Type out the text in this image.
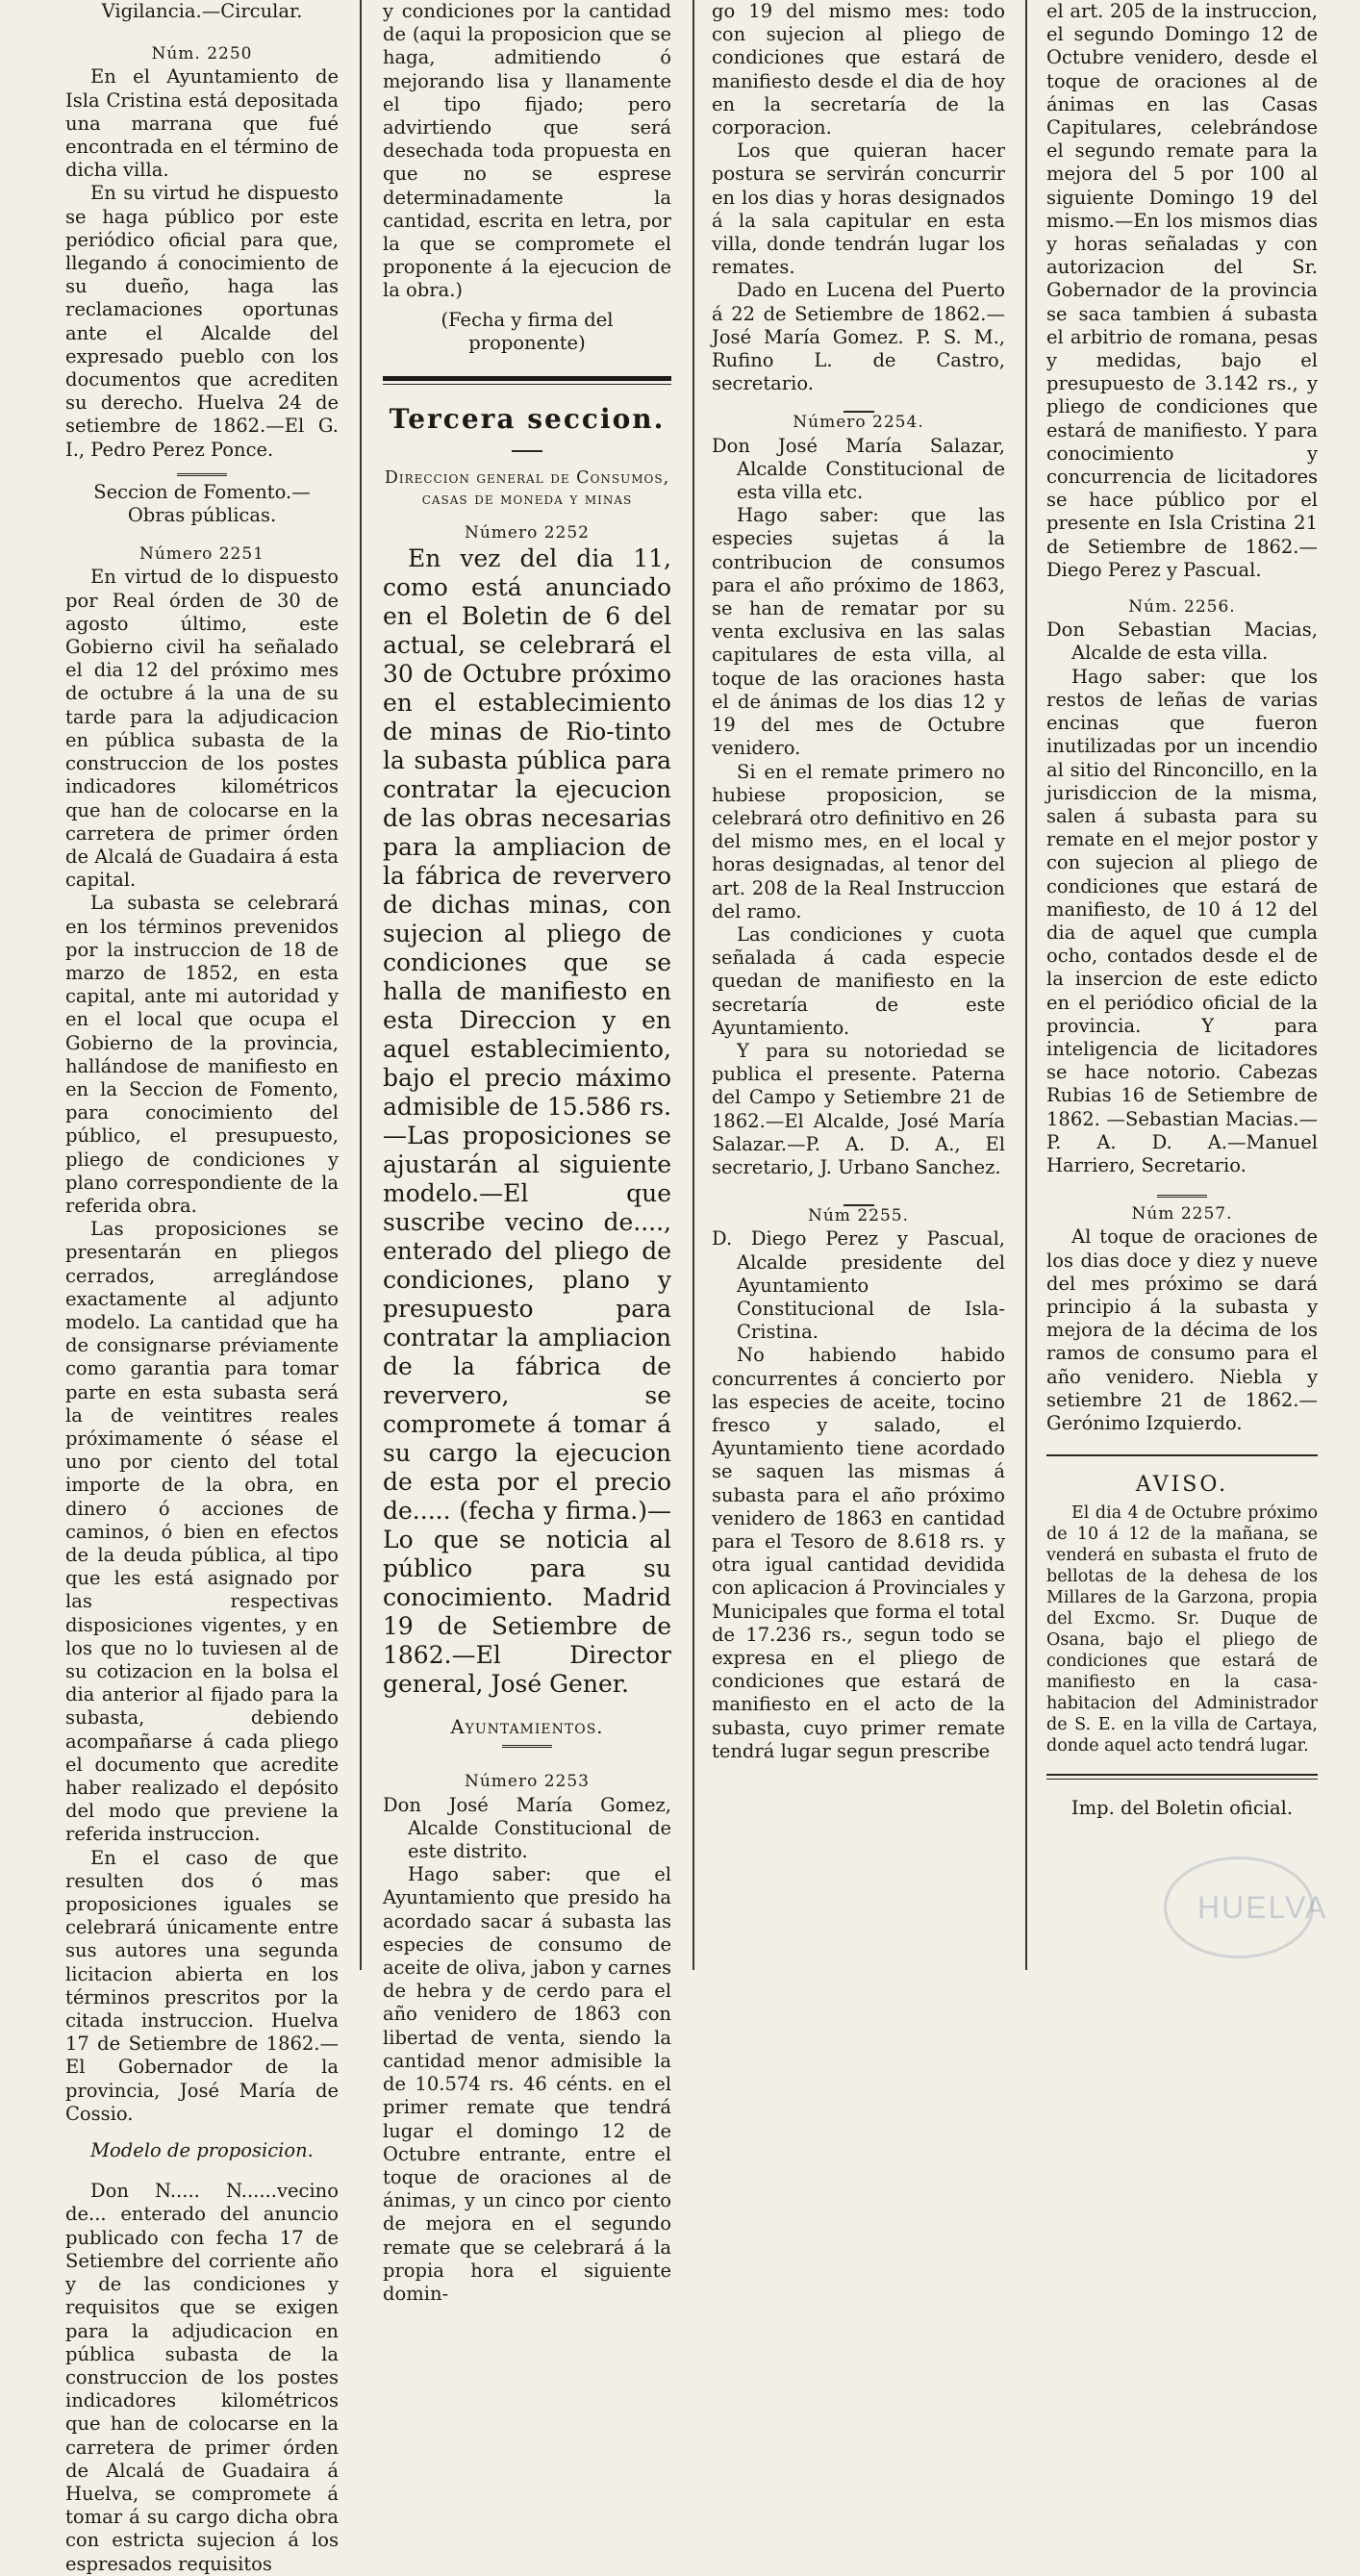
Vigilancia.—Circular.

Núm. 2250

En el Ayuntamiento de Isla Cristina está depositada una marrana que fué encontrada en el término de dicha villa.

En su virtud he dispuesto se haga público por este periódico oficial para que, llegando á conocimiento de su dueño, haga las reclamaciones oportunas ante el Alcalde del expresado pueblo con los documentos que acrediten su derecho. Huelva 24 de setiembre de 1862.—El G. I., Pedro Perez Ponce.

Seccion de Fomento.—Obras públicas.

Número 2251

En virtud de lo dispuesto por Real órden de 30 de agosto último, este Gobierno civil ha señalado el dia 12 del próximo mes de octubre á la una de su tarde para la adjudicacion en pública subasta de la construccion de los postes indicadores kilométricos que han de colocarse en la carretera de primer órden de Alcalá de Guadaira á esta capital.

La subasta se celebrará en los términos prevenidos por la instruccion de 18 de marzo de 1852, en esta capital, ante mi autoridad y en el local que ocupa el Gobierno de la provincia, hallándose de manifiesto en en la Seccion de Fomento, para conocimiento del público, el presupuesto, pliego de condiciones y plano correspondiente de la referida obra.

Las proposiciones se presentarán en pliegos cerrados, arreglándose exactamente al adjunto modelo. La cantidad que ha de consignarse préviamente como garantia para tomar parte en esta subasta será la de veintitres reales próximamente ó séase el uno por ciento del total importe de la obra, en dinero ó acciones de caminos, ó bien en efectos de la deuda pública, al tipo que les está asignado por las respectivas disposiciones vigentes, y en los que no lo tuviesen al de su cotizacion en la bolsa el dia anterior al fijado para la subasta, debiendo acompañarse á cada pliego el documento que acredite haber realizado el depósito del modo que previene la referida instruccion.

En el caso de que resulten dos ó mas proposiciones iguales se celebrará únicamente entre sus autores una segunda licitacion abierta en los términos prescritos por la citada instruccion. Huelva 17 de Setiembre de 1862.—El Gobernador de la provincia, José María de Cossio.

Modelo de proposicion.

Don N..... N......vecino de... enterado del anuncio publicado con fecha 17 de Setiembre del corriente año y de las condiciones y requisitos que se exigen para la adjudicacion en pública subasta de la construccion de los postes indicadores kilométricos que han de colocarse en la carretera de primer órden de Alcalá de Guadaira á Huelva, se compromete á tomar á su cargo dicha obra con estricta sujecion á los espresados requisitos

y condiciones por la cantidad de (aqui la proposicion que se haga, admitiendo ó mejorando lisa y llanamente el tipo fijado; pero advirtiendo que será desechada toda propuesta en que no se esprese determinadamente la cantidad, escrita en letra, por la que se compromete el proponente á la ejecucion de la obra.)

(Fecha y firma del proponente)

Tercera seccion.

Direccion general de Consumos, casas de moneda y minas

Número 2252

En vez del dia 11, como está anunciado en el Boletin de 6 del actual, se celebrará el 30 de Octubre próximo en el establecimiento de minas de Rio-tinto la subasta pública para contratar la ejecucion de las obras necesarias para la ampliacion de la fábrica de reververo de dichas minas, con sujecion al pliego de condiciones que se halla de manifiesto en esta Direccion y en aquel establecimiento, bajo el precio máximo admisible de 15.586 rs.—Las proposiciones se ajustarán al siguiente modelo.—El que suscribe vecino de...., enterado del pliego de condiciones, plano y presupuesto para contratar la ampliacion de la fábrica de reververo, se compromete á tomar á su cargo la ejecucion de esta por el precio de..... (fecha y firma.)—Lo que se noticia al público para su conocimiento. Madrid 19 de Setiembre de 1862.—El Director general, José Gener.

Ayuntamientos.

Número 2253

Don José María Gomez, Alcalde Constitucional de este distrito.

Hago saber: que el Ayuntamiento que presido ha acordado sacar á subasta las especies de consumo de aceite de oliva, jabon y carnes de hebra y de cerdo para el año venidero de 1863 con libertad de venta, siendo la cantidad menor admisible la de 10.574 rs. 46 cénts. en el primer remate que tendrá lugar el domingo 12 de Octubre entrante, entre el toque de oraciones al de ánimas, y un cinco por ciento de mejora en el segundo remate que se celebrará á la propia hora el siguiente domin-

go 19 del mismo mes: todo con sujecion al pliego de condiciones que estará de manifiesto desde el dia de hoy en la secretaría de la corporacion.

Los que quieran hacer postura se servirán concurrir en los dias y horas designados á la sala capitular en esta villa, donde tendrán lugar los remates.

Dado en Lucena del Puerto á 22 de Setiembre de 1862.—José María Gomez. P. S. M., Rufino L. de Castro, secretario.

Número 2254.

Don José María Salazar, Alcalde Constitucional de esta villa etc.

Hago saber: que las especies sujetas á la contribucion de consumos para el año próximo de 1863, se han de rematar por su venta exclusiva en las salas capitulares de esta villa, al toque de las oraciones hasta el de ánimas de los dias 12 y 19 del mes de Octubre venidero.

Si en el remate primero no hubiese proposicion, se celebrará otro definitivo en 26 del mismo mes, en el local y horas designadas, al tenor del art. 208 de la Real Instruccion del ramo.

Las condiciones y cuota señalada á cada especie quedan de manifiesto en la secretaría de este Ayuntamiento.

Y para su notoriedad se publica el presente. Paterna del Campo y Setiembre 21 de 1862.—El Alcalde, José María Salazar.—P. A. D. A., El secretario, J. Urbano Sanchez.

Núm 2255.

D. Diego Perez y Pascual, Alcalde presidente del Ayuntamiento Constitucional de Isla-Cristina.

No habiendo habido concurrentes á concierto por las especies de aceite, tocino fresco y salado, el Ayuntamiento tiene acordado se saquen las mismas á subasta para el año próximo venidero de 1863 en cantidad para el Tesoro de 8.618 rs. y otra igual cantidad devidida con aplicacion á Provinciales y Municipales que forma el total de 17.236 rs., segun todo se expresa en el pliego de condiciones que estará de manifiesto en el acto de la subasta, cuyo primer remate tendrá lugar segun prescribe

el art. 205 de la instruccion, el segundo Domingo 12 de Octubre venidero, desde el toque de oraciones al de ánimas en las Casas Capitulares, celebrándose el segundo remate para la mejora del 5 por 100 al siguiente Domingo 19 del mismo.—En los mismos dias y horas señaladas y con autorizacion del Sr. Gobernador de la provincia se saca tambien á subasta el arbitrio de romana, pesas y medidas, bajo el presupuesto de 3.142 rs., y pliego de condiciones que estará de manifiesto. Y para conocimiento y concurrencia de licitadores se hace público por el presente en Isla Cristina 21 de Setiembre de 1862.—Diego Perez y Pascual.

Núm. 2256.

Don Sebastian Macias, Alcalde de esta villa.

Hago saber: que los restos de leñas de varias encinas que fueron inutilizadas por un incendio al sitio del Rinconcillo, en la jurisdiccion de la misma, salen á subasta para su remate en el mejor postor y con sujecion al pliego de condiciones que estará de manifiesto, de 10 á 12 del dia de aquel que cumpla ocho, contados desde el de la insercion de este edicto en el periódico oficial de la provincia. Y para inteligencia de licitadores se hace notorio. Cabezas Rubias 16 de Setiembre de 1862. —Sebastian Macias.—P. A. D. A.—Manuel Harriero, Secretario.

Núm 2257.

Al toque de oraciones de los dias doce y diez y nueve del mes próximo se dará principio á la subasta y mejora de la décima de los ramos de consumo para el año venidero. Niebla y setiembre 21 de 1862.—Gerónimo Izquierdo.

AVISO.

El dia 4 de Octubre próximo de 10 á 12 de la mañana, se venderá en subasta el fruto de bellotas de la dehesa de los Millares de la Garzona, propia del Excmo. Sr. Duque de Osana, bajo el pliego de condiciones que estará de manifiesto en la casa-habitacion del Administrador de S. E. en la villa de Cartaya, donde aquel acto tendrá lugar.

Imp. del Boletin oficial.

HUELVA
